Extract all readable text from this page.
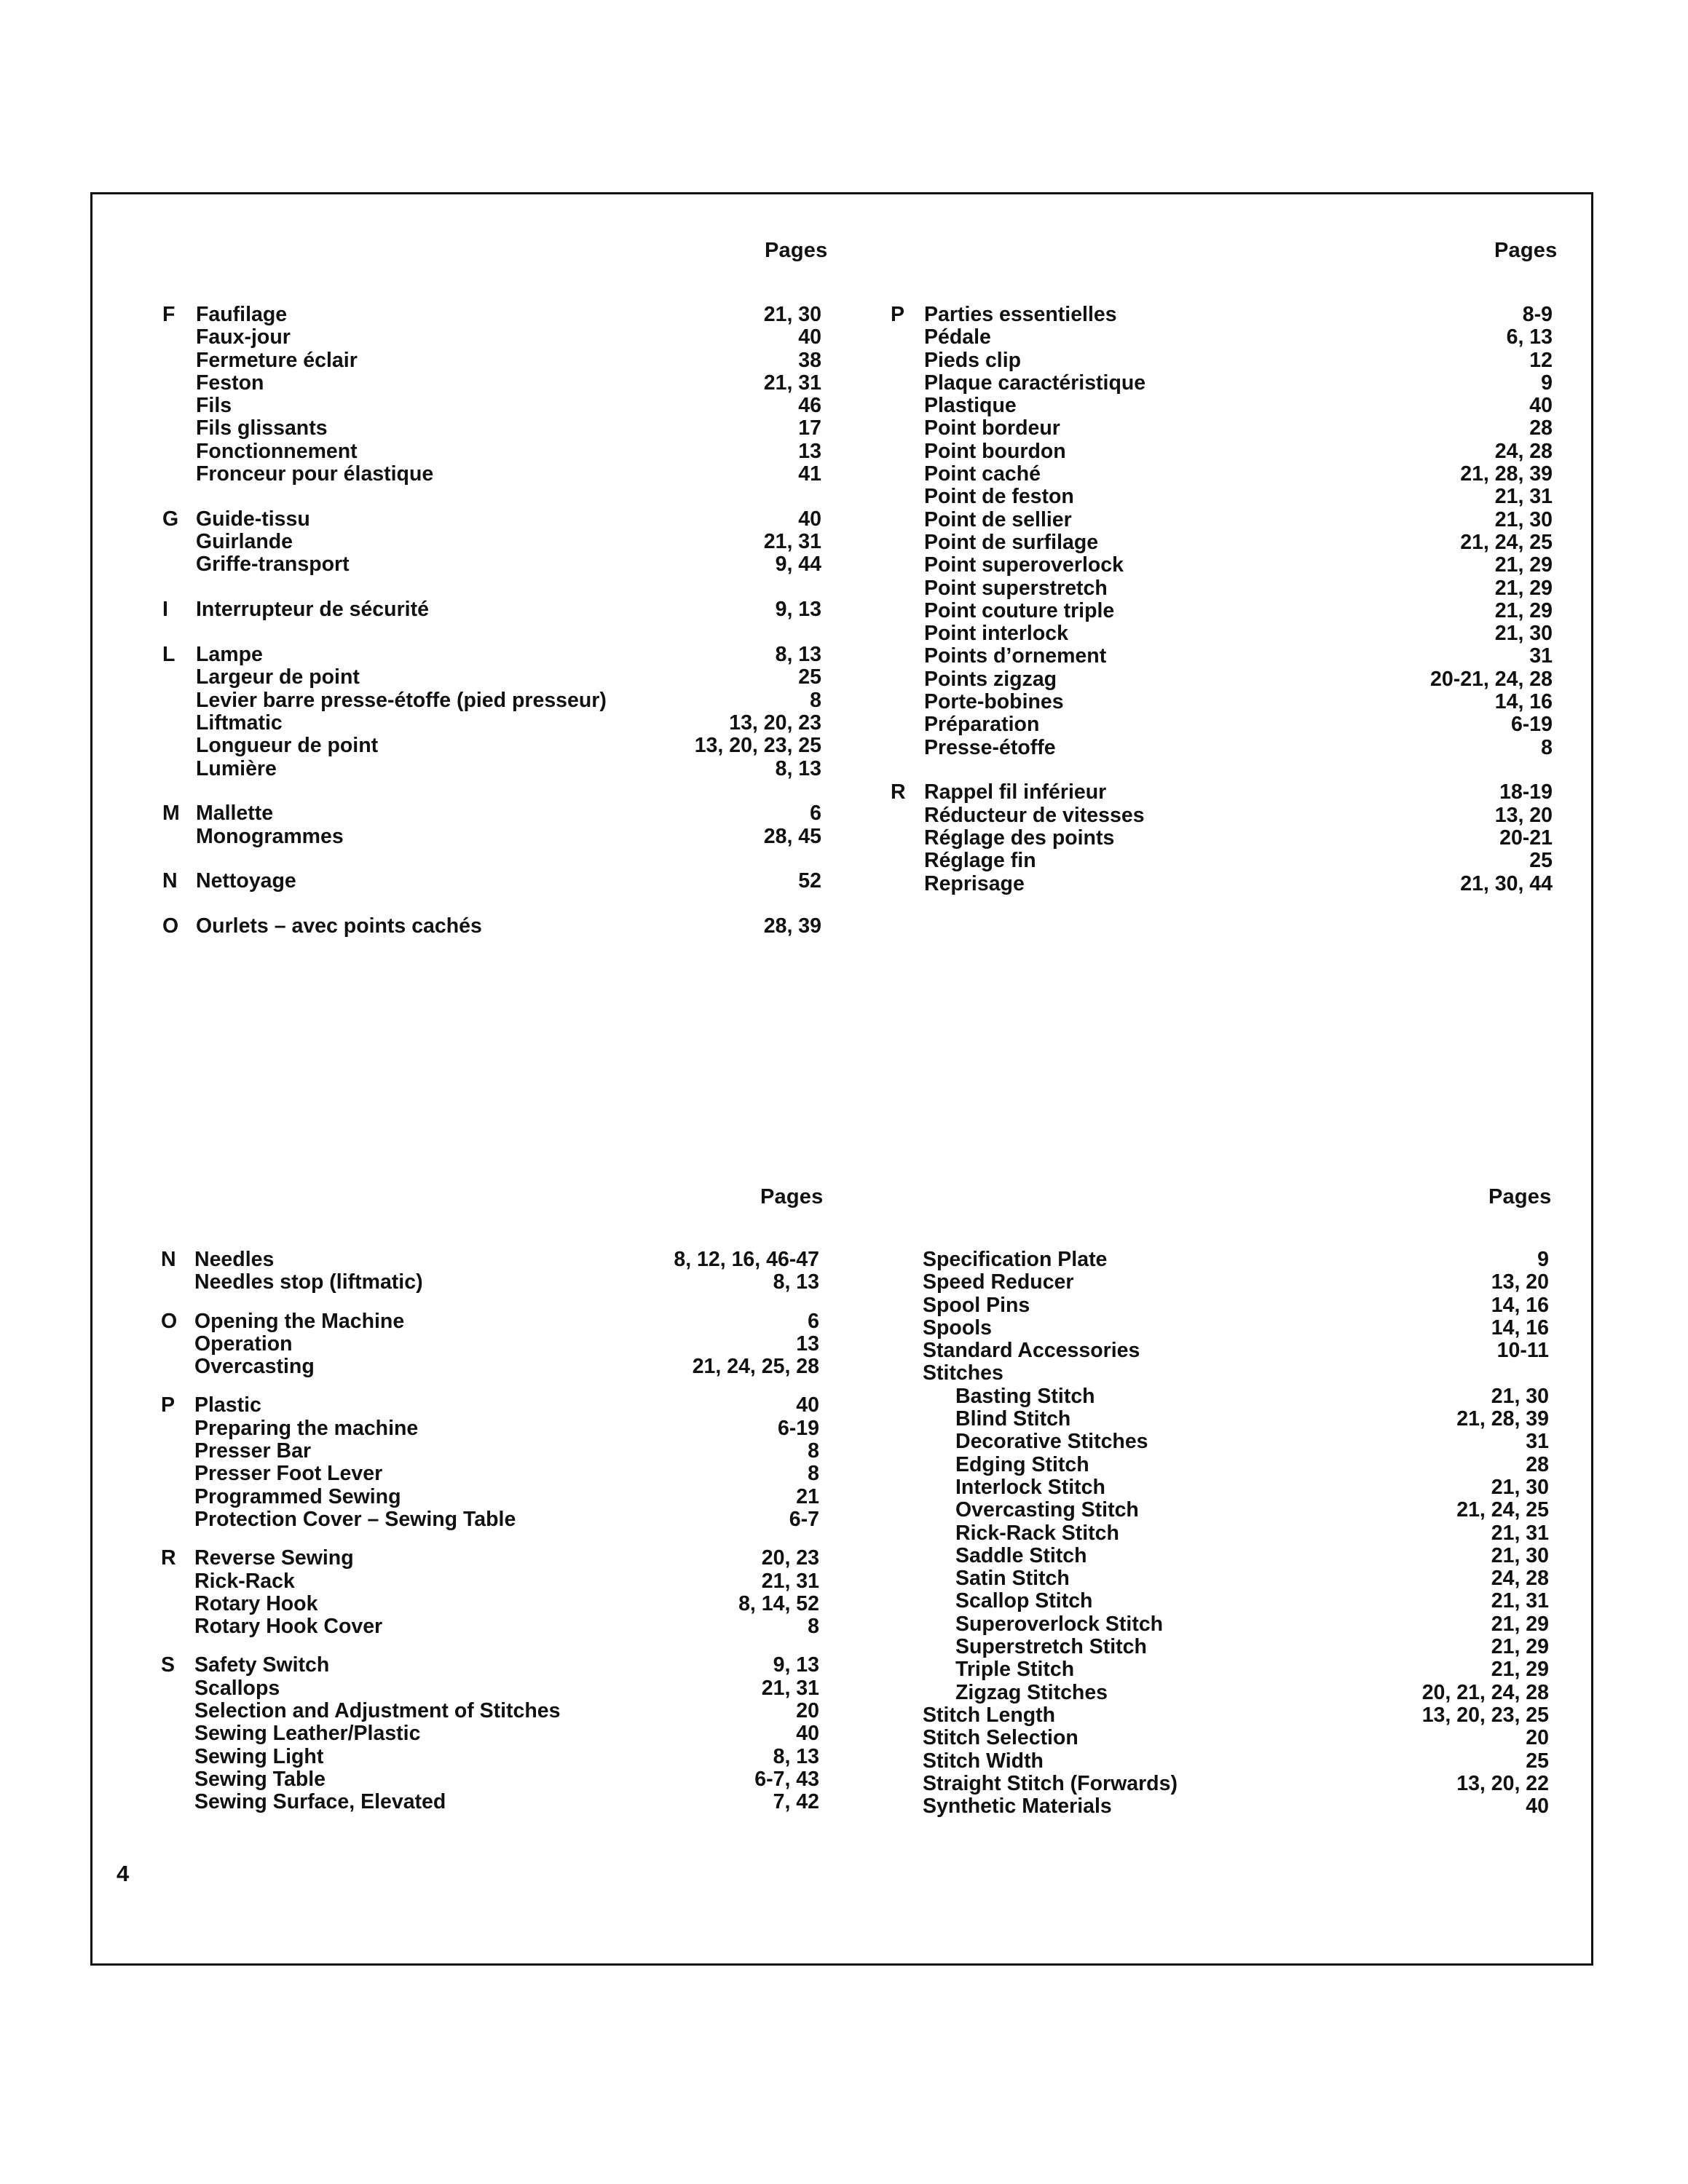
Pages	Pages
Pages	Pages
F Faufilage	21, 30
Faux-jour	40
Fermeture éclair	38
Feston	21, 31
Fils	46
Fils glissants	17
Fonctionnement	13
Fronceur pour élastique	41
G Guide-tissu	40
Guirlande	21, 31
Griffe-transport	9, 44
I Interrupteur de sécurité	9, 13
L Lampe	8, 13
Largeur de point	25
Levier barre presse-étoffe (pied presseur)	8
Liftmatic	13, 20, 23
Longueur de point	13, 20, 23, 25
Lumière	8, 13
M Mallette	6
Monogrammes	28, 45
N Nettoyage	52
O Ourlets – avec points cachés	28, 39
P Parties essentielles	8-9
Pédale	6, 13
Pieds clip	12
Plaque caractéristique	9
Plastique	40
Point bordeur	28
Point bourdon	24, 28
Point caché	21, 28, 39
Point de feston	21, 31
Point de sellier	21, 30
Point de surfilage	21, 24, 25
Point superoverlock	21, 29
Point superstretch	21, 29
Point couture triple	21, 29
Point interlock	21, 30
Points d’ornement	31
Points zigzag	20-21, 24, 28
Porte-bobines	14, 16
Préparation	6-19
Presse-étoffe	8
R Rappel fil inférieur	18-19
Réducteur de vitesses	13, 20
Réglage des points	20-21
Réglage fin	25
Reprisage	21, 30, 44
N Needles	8, 12, 16, 46-47
Needles stop (liftmatic)	8, 13
O Opening the Machine	6
Operation	13
Overcasting	21, 24, 25, 28
P Plastic	40
Preparing the machine	6-19
Presser Bar	8
Presser Foot Lever	8
Programmed Sewing	21
Protection Cover – Sewing Table	6-7
R Reverse Sewing	20, 23
Rick-Rack	21, 31
Rotary Hook	8, 14, 52
Rotary Hook Cover	8
S Safety Switch	9, 13
Scallops	21, 31
Selection and Adjustment of Stitches	20
Sewing Leather/Plastic	40
Sewing Light	8, 13
Sewing Table	6-7, 43
Sewing Surface, Elevated	7, 42
Specification Plate	9
Speed Reducer	13, 20
Spool Pins	14, 16
Spools	14, 16
Standard Accessories	10-11
Stitches
Basting Stitch	21, 30
Blind Stitch	21, 28, 39
Decorative Stitches	31
Edging Stitch	28
Interlock Stitch	21, 30
Overcasting Stitch	21, 24, 25
Rick-Rack Stitch	21, 31
Saddle Stitch	21, 30
Satin Stitch	24, 28
Scallop Stitch	21, 31
Superoverlock Stitch	21, 29
Superstretch Stitch	21, 29
Triple Stitch	21, 29
Zigzag Stitches	20, 21, 24, 28
Stitch Length	13, 20, 23, 25
Stitch Selection	20
Stitch Width	25
Straight Stitch (Forwards)	13, 20, 22
Synthetic Materials	40
4
